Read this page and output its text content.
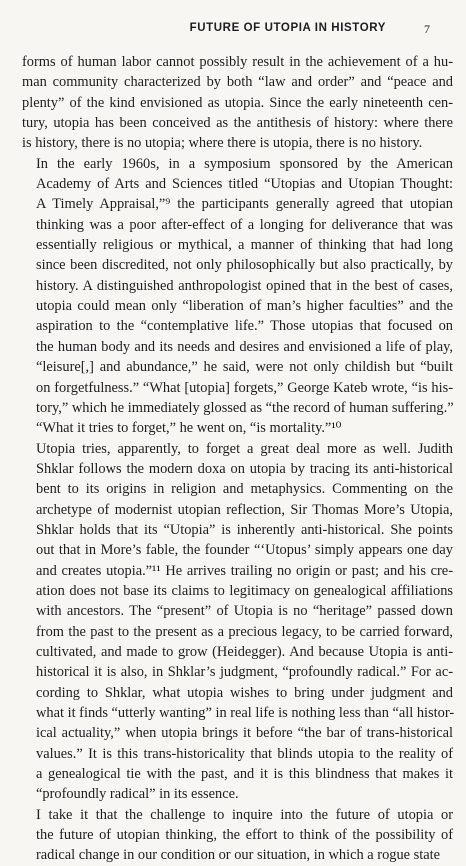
FUTURE OF UTOPIA IN HISTORY	7
forms of human labor cannot possibly result in the achievement of a hu-
man community characterized by both “law and order” and “peace and
plenty” of the kind envisioned as utopia. Since the early nineteenth cen-
tury, utopia has been conceived as the antithesis of history: where there
is history, there is no utopia; where there is utopia, there is no history.
In the early 1960s, in a symposium sponsored by the American
Academy of Arts and Sciences titled “Utopias and Utopian Thought:
A Timely Appraisal,”⁹ the participants generally agreed that utopian
thinking was a poor after-effect of a longing for deliverance that was
essentially religious or mythical, a manner of thinking that had long
since been discredited, not only philosophically but also practically, by
history. A distinguished anthropologist opined that in the best of cases,
utopia could mean only “liberation of man’s higher faculties” and the
aspiration to the “contemplative life.” Those utopias that focused on
the human body and its needs and desires and envisioned a life of play,
“leisure[,] and abundance,” he said, were not only childish but “built
on forgetfulness.” “What [utopia] forgets,” George Kateb wrote, “is his-
tory,” which he immediately glossed as “the record of human suffering.”
“What it tries to forget,” he went on, “is mortality.”¹⁰
Utopia tries, apparently, to forget a great deal more as well. Judith
Shklar follows the modern doxa on utopia by tracing its anti-historical
bent to its origins in religion and metaphysics. Commenting on the
archetype of modernist utopian reflection, Sir Thomas More’s Utopia,
Shklar holds that its “Utopia” is inherently anti-historical. She points
out that in More’s fable, the founder “‘Utopus’ simply appears one day
and creates utopia.”¹¹ He arrives trailing no origin or past; and his cre-
ation does not base its claims to legitimacy on genealogical affiliations
with ancestors. The “present” of Utopia is no “heritage” passed down
from the past to the present as a precious legacy, to be carried forward,
cultivated, and made to grow (Heidegger). And because Utopia is anti-
historical it is also, in Shklar’s judgment, “profoundly radical.” For ac-
cording to Shklar, what utopia wishes to bring under judgment and
what it finds “utterly wanting” in real life is nothing less than “all histor-
ical actuality,” when utopia brings it before “the bar of trans-historical
values.” It is this trans-historicality that blinds utopia to the reality of
a genealogical tie with the past, and it is this blindness that makes it
“profoundly radical” in its essence.
I take it that the challenge to inquire into the future of utopia or
the future of utopian thinking, the effort to think of the possibility of
radical change in our condition or our situation, in which a rogue state
